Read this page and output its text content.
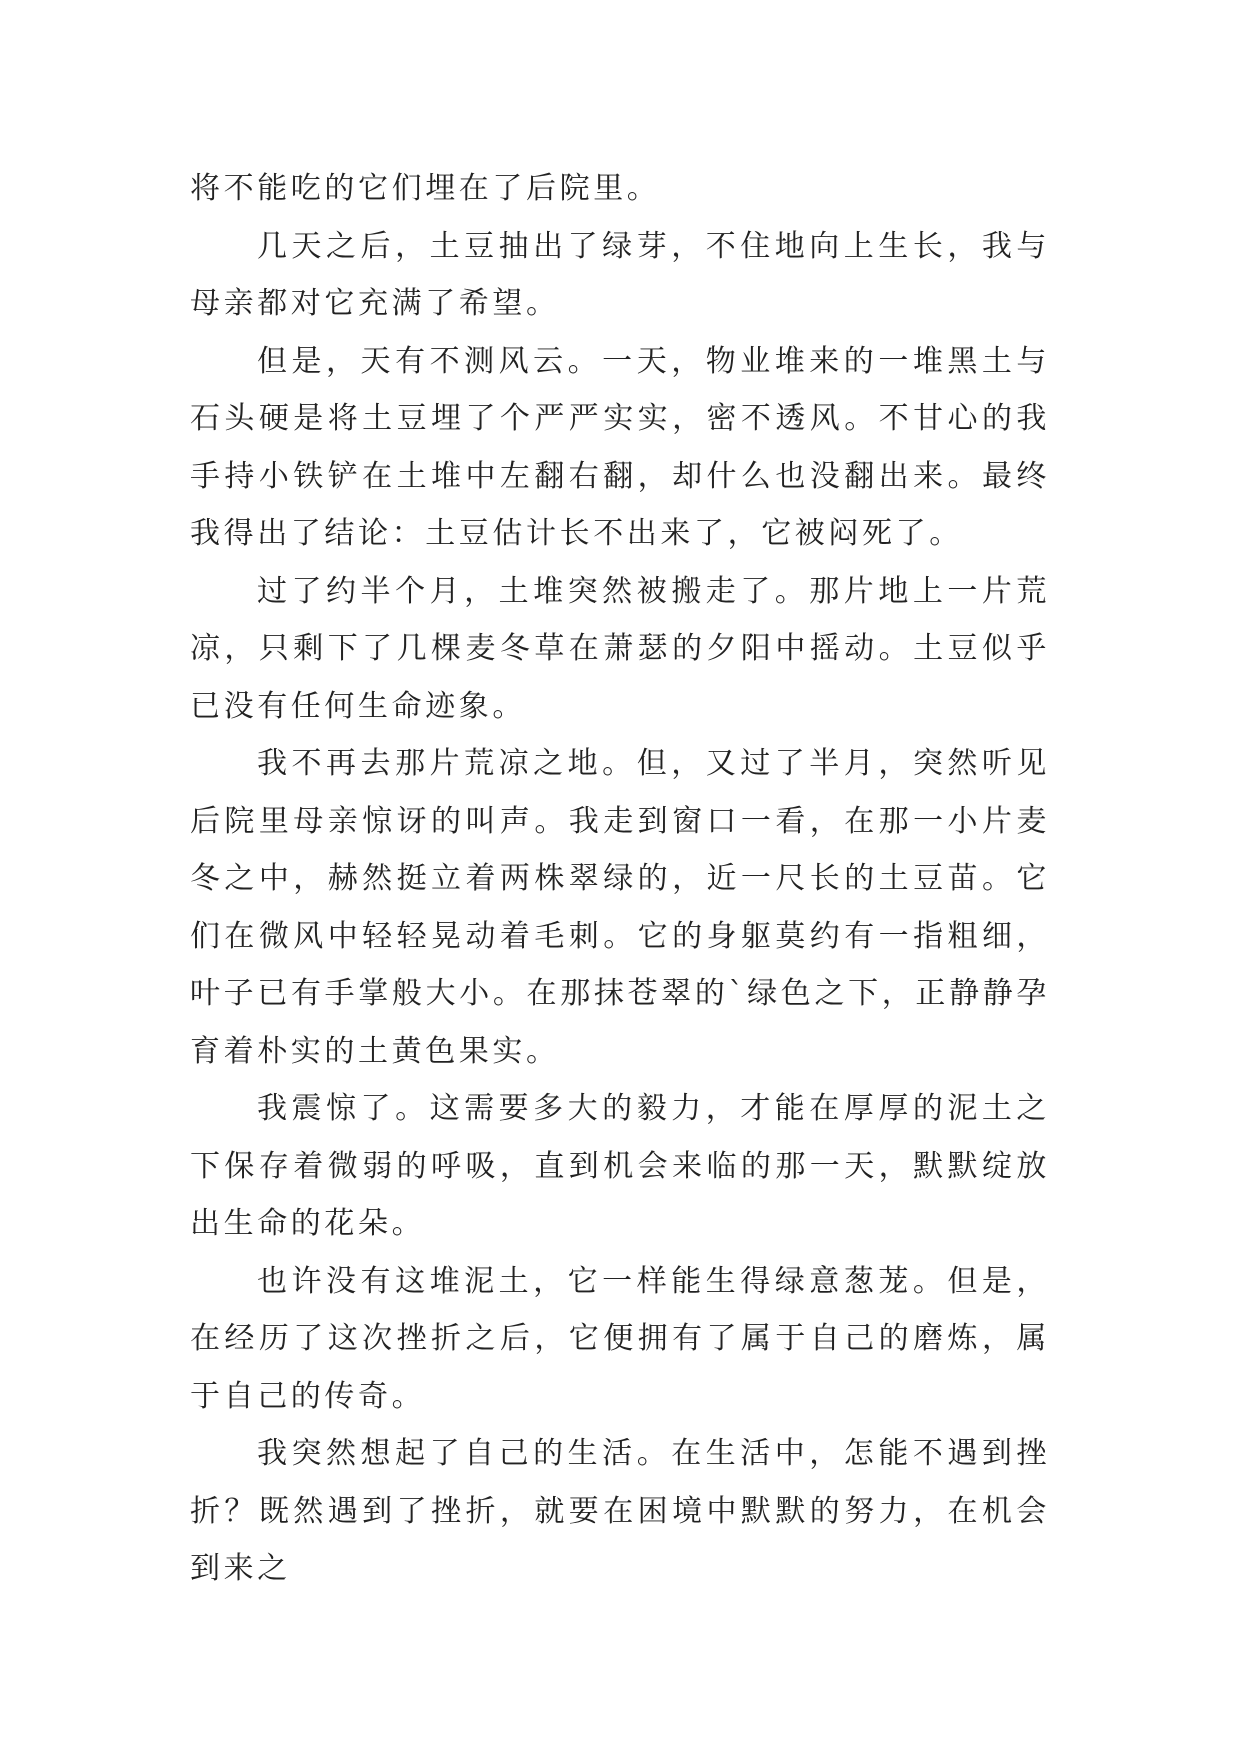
将不能吃的它们埋在了后院里。

几天之后，土豆抽出了绿芽，不住地向上生长，我与母亲都对它充满了希望。

但是，天有不测风云。一天，物业堆来的一堆黑土与石头硬是将土豆埋了个严严实实，密不透风。不甘心的我手持小铁铲在土堆中左翻右翻，却什么也没翻出来。最终我得出了结论：土豆估计长不出来了，它被闷死了。

过了约半个月，土堆突然被搬走了。那片地上一片荒凉，只剩下了几棵麦冬草在萧瑟的夕阳中摇动。土豆似乎已没有任何生命迹象。

我不再去那片荒凉之地。但，又过了半月，突然听见后院里母亲惊讶的叫声。我走到窗口一看，在那一小片麦冬之中，赫然挺立着两株翠绿的，近一尺长的土豆苗。它们在微风中轻轻晃动着毛刺。它的身躯莫约有一指粗细，叶子已有手掌般大小。在那抹苍翠的`绿色之下，正静静孕育着朴实的土黄色果实。

我震惊了。这需要多大的毅力，才能在厚厚的泥土之下保存着微弱的呼吸，直到机会来临的那一天，默默绽放出生命的花朵。

也许没有这堆泥土，它一样能生得绿意葱茏。但是，在经历了这次挫折之后，它便拥有了属于自己的磨炼，属于自己的传奇。

我突然想起了自己的生活。在生活中，怎能不遇到挫折？既然遇到了挫折，就要在困境中默默的努力，在机会到来之
